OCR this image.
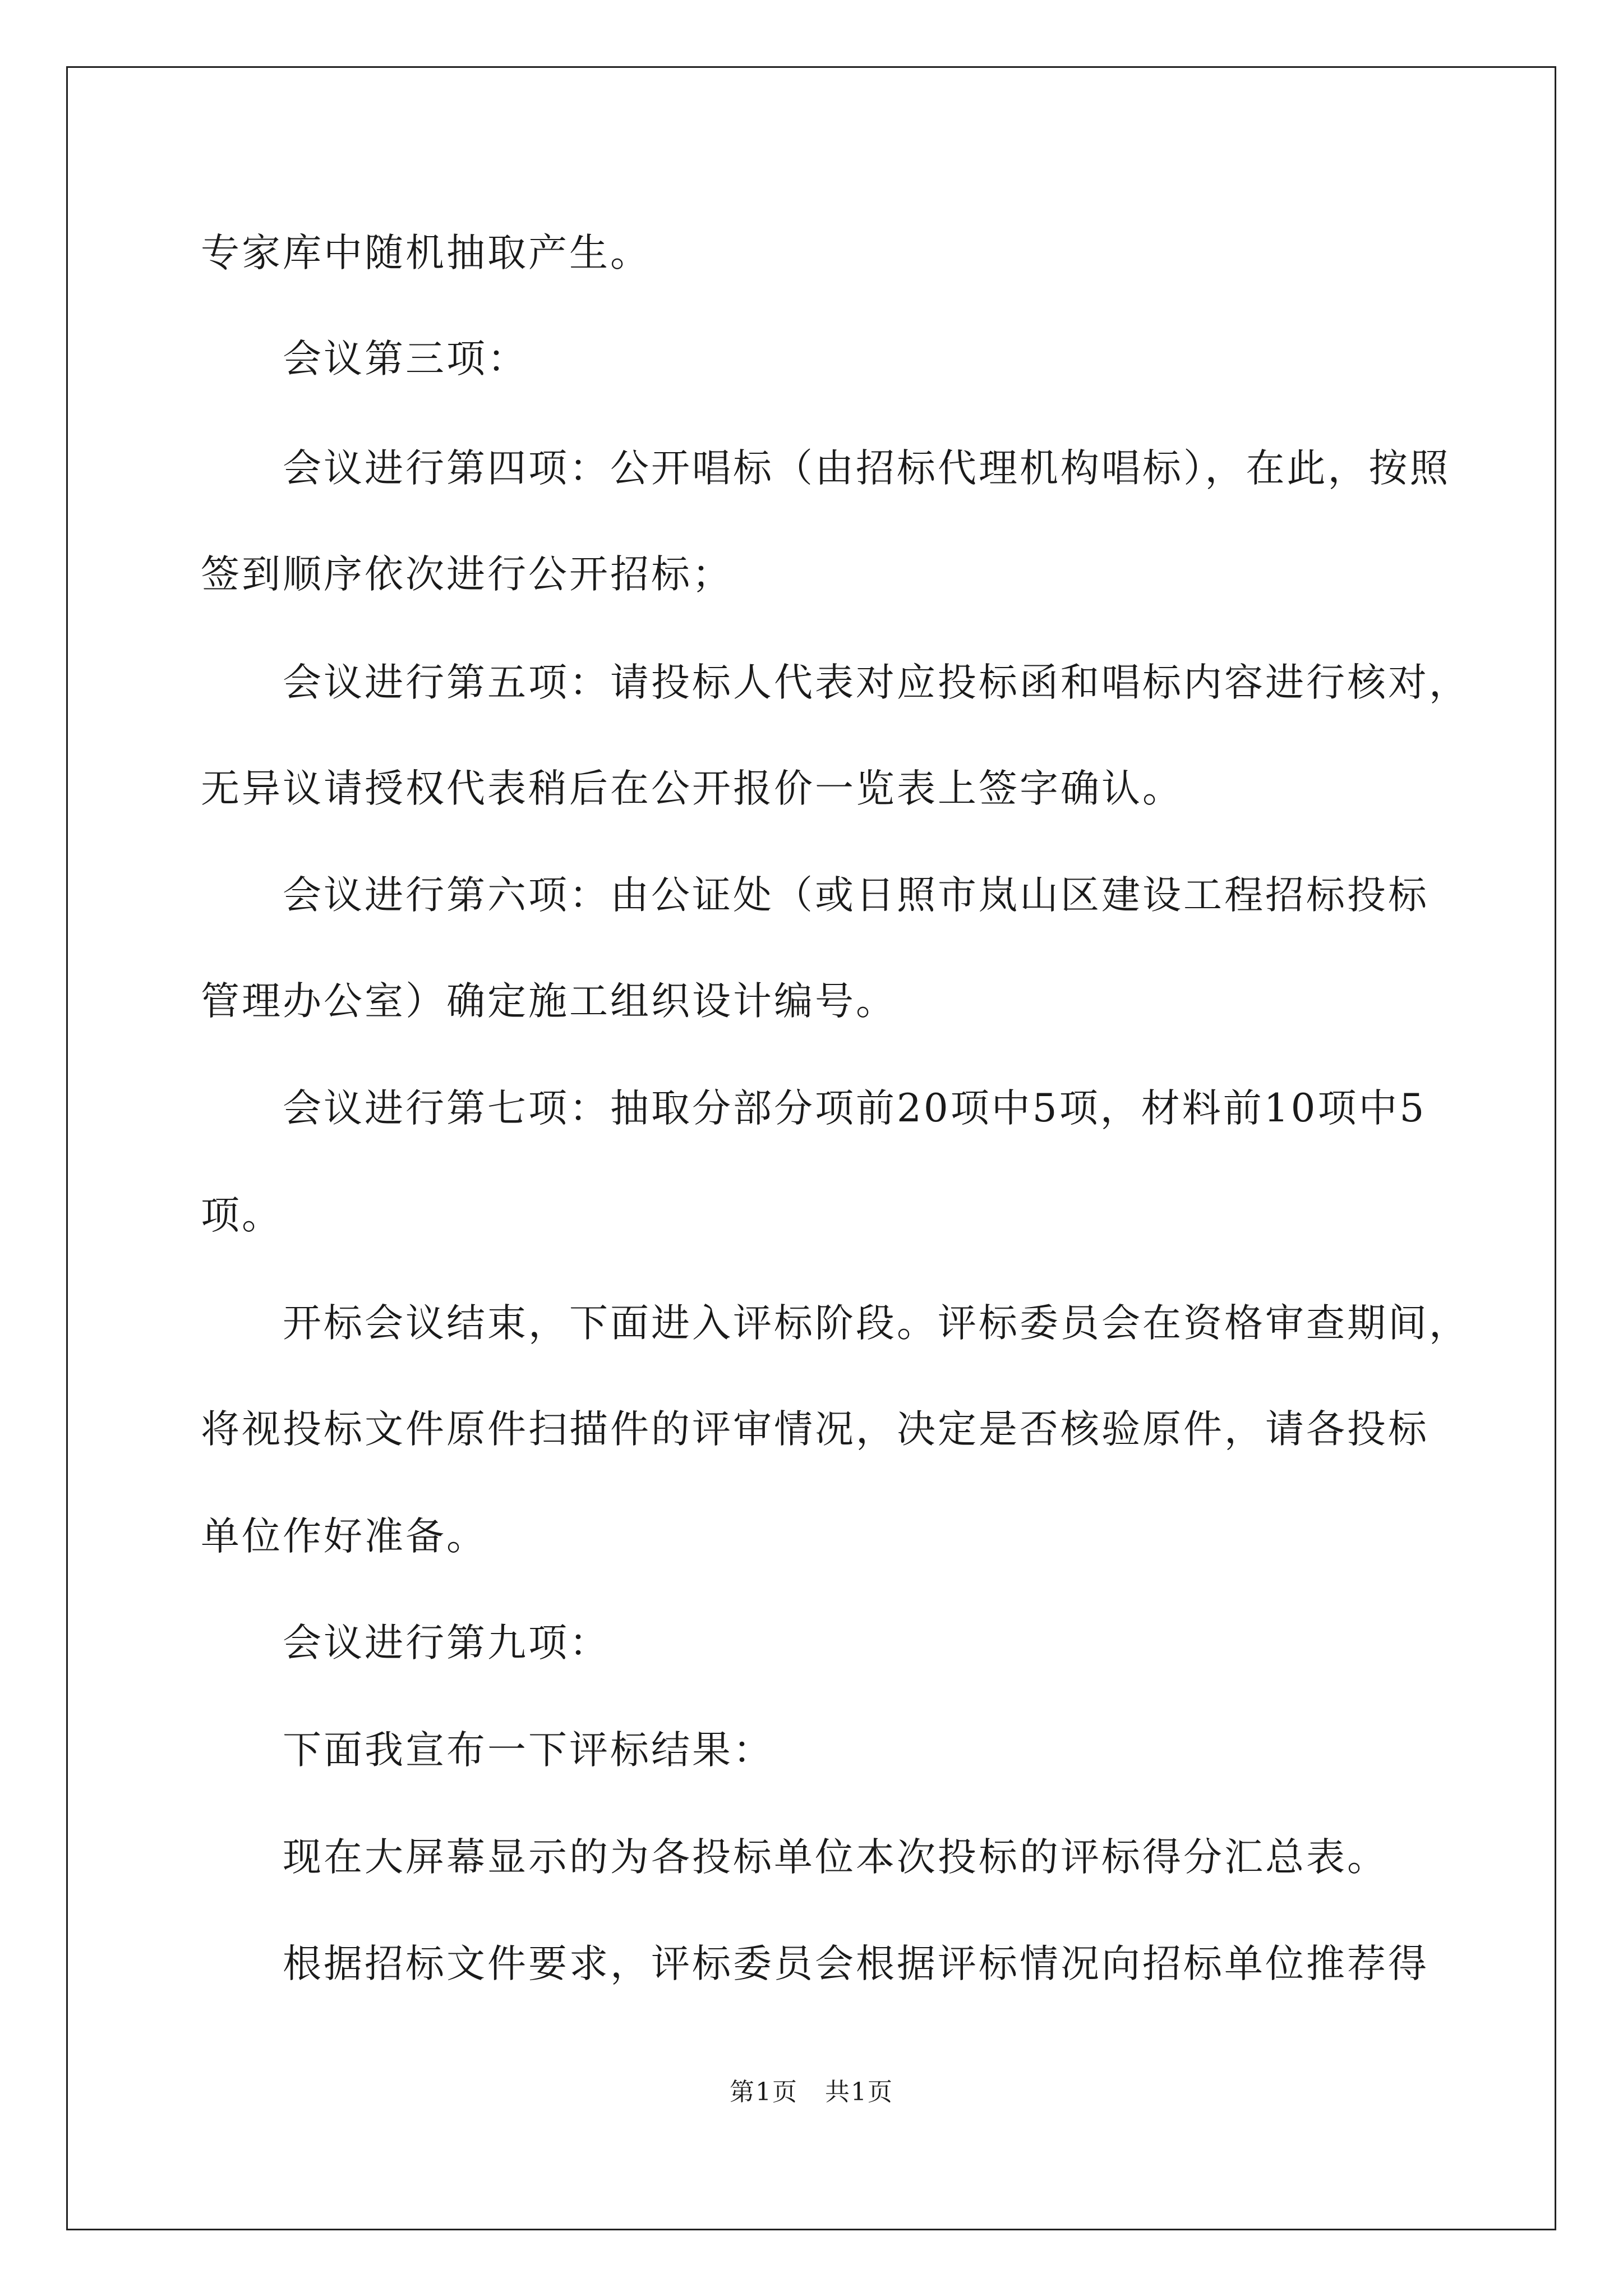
专家库中随机抽取产生。
会议第三项：
会议进行第四项：公开唱标（由招标代理机构唱标），在此，按照
签到顺序依次进行公开招标；
会议进行第五项：请投标人代表对应投标函和唱标内容进行核对，
无异议请授权代表稍后在公开报价一览表上签字确认。
会议进行第六项：由公证处（或日照市岚山区建设工程招标投标
管理办公室）确定施工组织设计编号。
会议进行第七项：抽取分部分项前20项中5项，材料前10项中5
项。
开标会议结束，下面进入评标阶段。评标委员会在资格审查期间，
将视投标文件原件扫描件的评审情况，决定是否核验原件，请各投标
单位作好准备。
会议进行第九项：
下面我宣布一下评标结果：
现在大屏幕显示的为各投标单位本次投标的评标得分汇总表。
根据招标文件要求，评标委员会根据评标情况向招标单位推荐得
第1页   共1页
